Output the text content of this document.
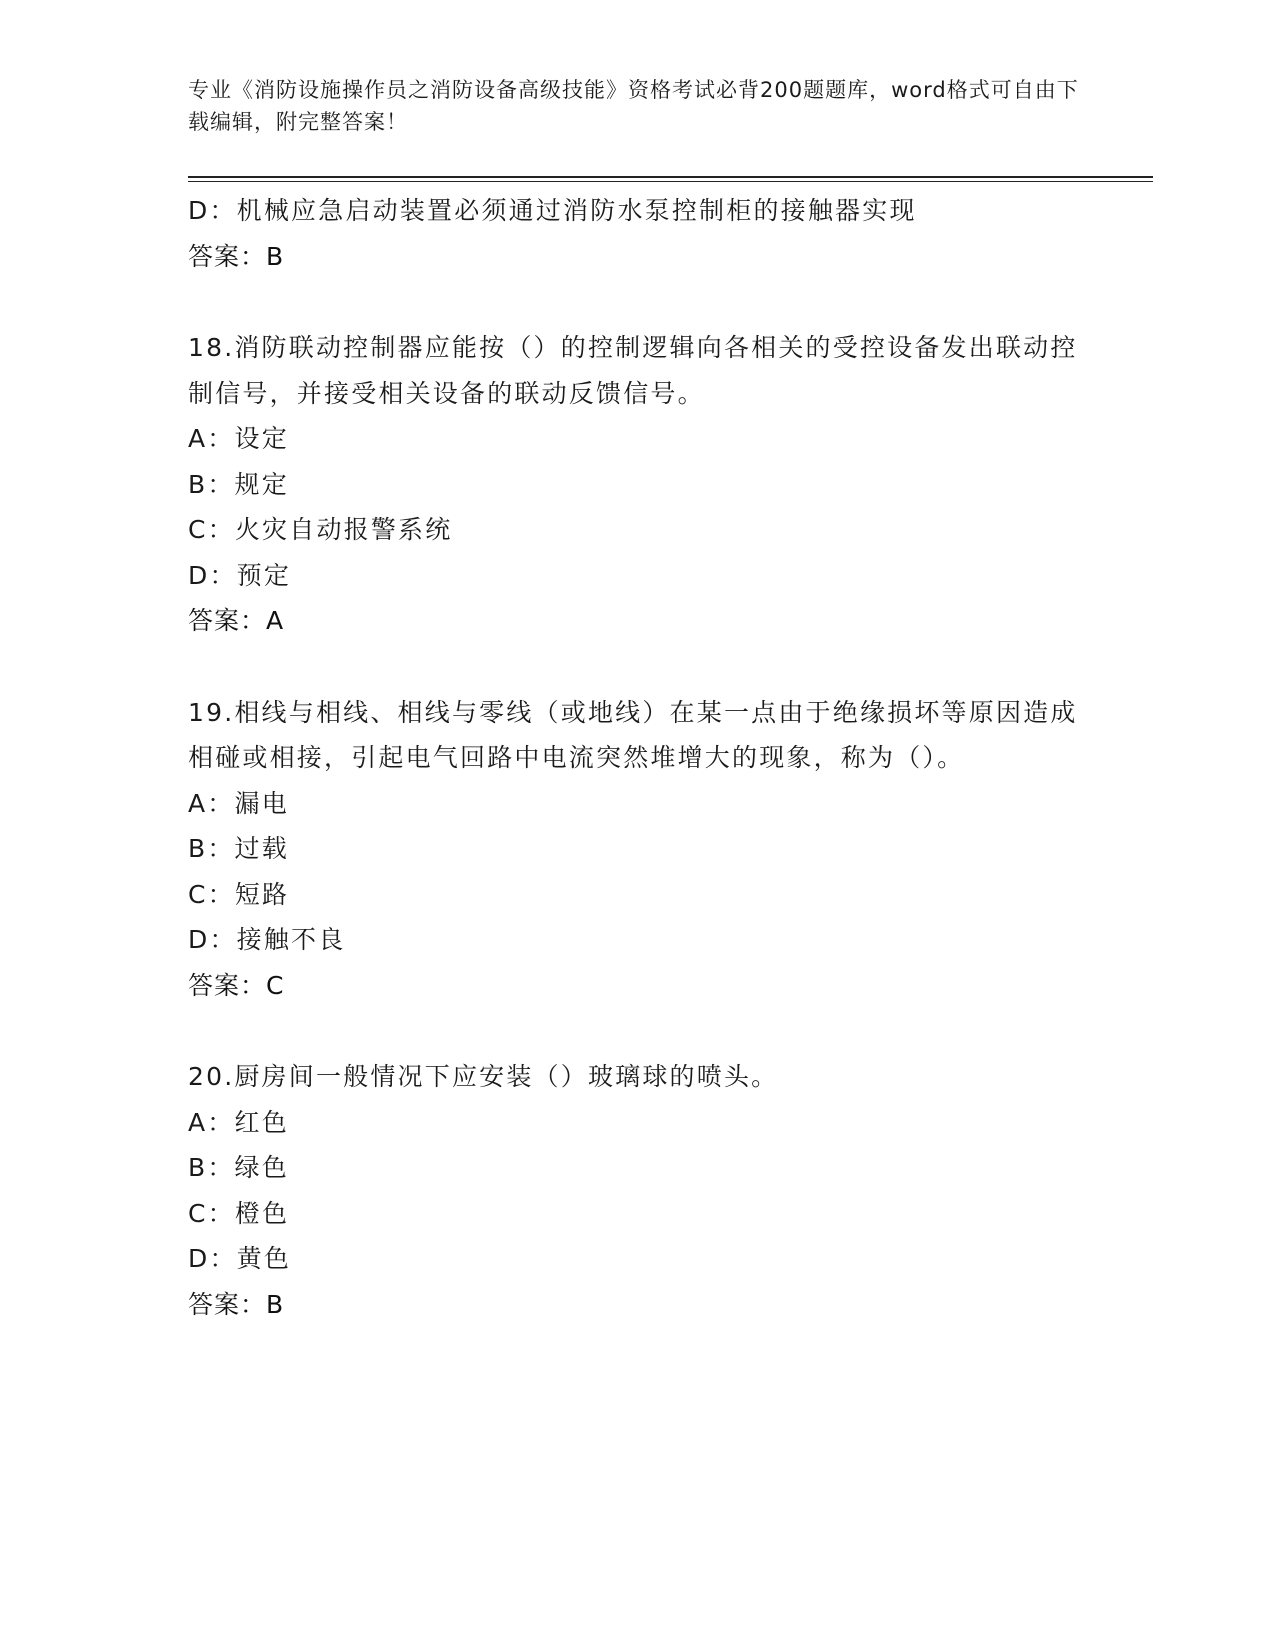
专业《消防设施操作员之消防设备高级技能》资格考试必背200题题库，word格式可自由下载编辑，附完整答案！
D：机械应急启动装置必须通过消防水泵控制柜的接触器实现
答案：B
18.消防联动控制器应能按（）的控制逻辑向各相关的受控设备发出联动控制信号，并接受相关设备的联动反馈信号。
A：设定
B：规定
C：火灾自动报警系统
D：预定
答案：A
19.相线与相线、相线与零线（或地线）在某一点由于绝缘损坏等原因造成相碰或相接，引起电气回路中电流突然堆增大的现象，称为（）。
A：漏电
B：过载
C：短路
D：接触不良
答案：C
20.厨房间一般情况下应安装（）玻璃球的喷头。
A：红色
B：绿色
C：橙色
D：黄色
答案：B
